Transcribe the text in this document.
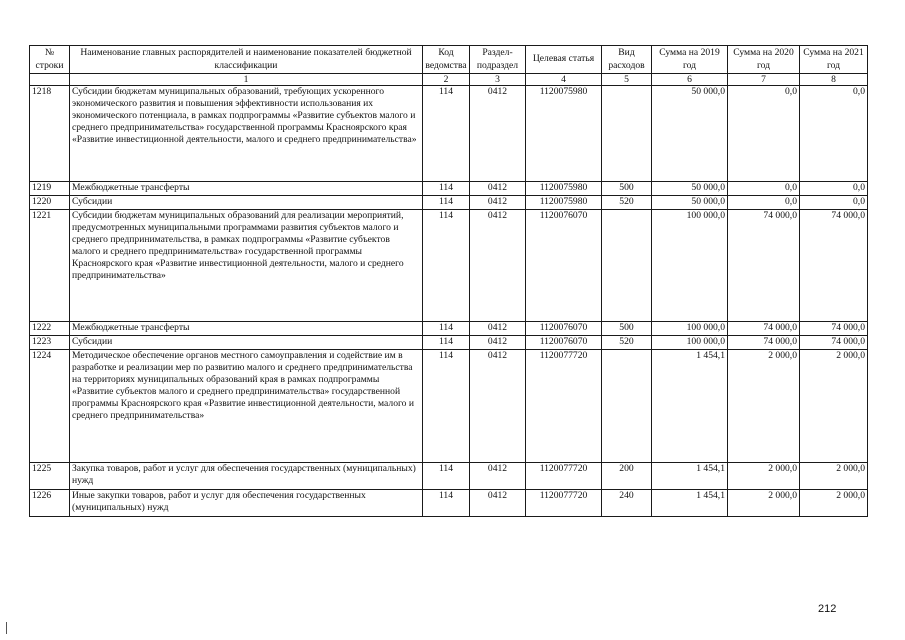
№ строки	Наименование главных распорядителей и наименование показателей бюджетной классификации	Код ведомства	Раздел-подраздел	Целевая статья	Вид расходов	Сумма на 2019 год	Сумма на 2020 год	Сумма на 2021 год
	1	2	3	4	5	6	7	8
1218	Субсидии бюджетам муниципальных образований, требующих ускоренного экономического развития и повышения эффективности использования их экономического потенциала, в рамках подпрограммы «Развитие субъектов малого и среднего предпринимательства» государственной программы Красноярского края «Развитие инвестиционной деятельности, малого и среднего предпринимательства»	114	0412	1120075980		50 000,0	0,0	0,0
1219	Межбюджетные трансферты	114	0412	1120075980	500	50 000,0	0,0	0,0
1220	Субсидии	114	0412	1120075980	520	50 000,0	0,0	0,0
1221	Субсидии бюджетам муниципальных образований для реализации мероприятий, предусмотренных муниципальными программами развития субъектов малого и среднего предпринимательства, в рамках подпрограммы «Развитие субъектов малого и среднего предпринимательства» государственной программы Красноярского края «Развитие инвестиционной деятельности, малого и среднего предпринимательства»	114	0412	1120076070		100 000,0	74 000,0	74 000,0
1222	Межбюджетные трансферты	114	0412	1120076070	500	100 000,0	74 000,0	74 000,0
1223	Субсидии	114	0412	1120076070	520	100 000,0	74 000,0	74 000,0
1224	Методическое обеспечение органов местного самоуправления и содействие им в разработке и реализации мер по развитию малого и среднего предпринимательства на территориях муниципальных образований края в рамках подпрограммы «Развитие субъектов малого и среднего предпринимательства» государственной программы Красноярского края «Развитие инвестиционной деятельности, малого и среднего предпринимательства»	114	0412	1120077720		1 454,1	2 000,0	2 000,0
1225	Закупка товаров, работ и услуг для обеспечения государственных (муниципальных) нужд	114	0412	1120077720	200	1 454,1	2 000,0	2 000,0
1226	Иные закупки товаров, работ и услуг для обеспечения государственных (муниципальных) нужд	114	0412	1120077720	240	1 454,1	2 000,0	2 000,0
212
